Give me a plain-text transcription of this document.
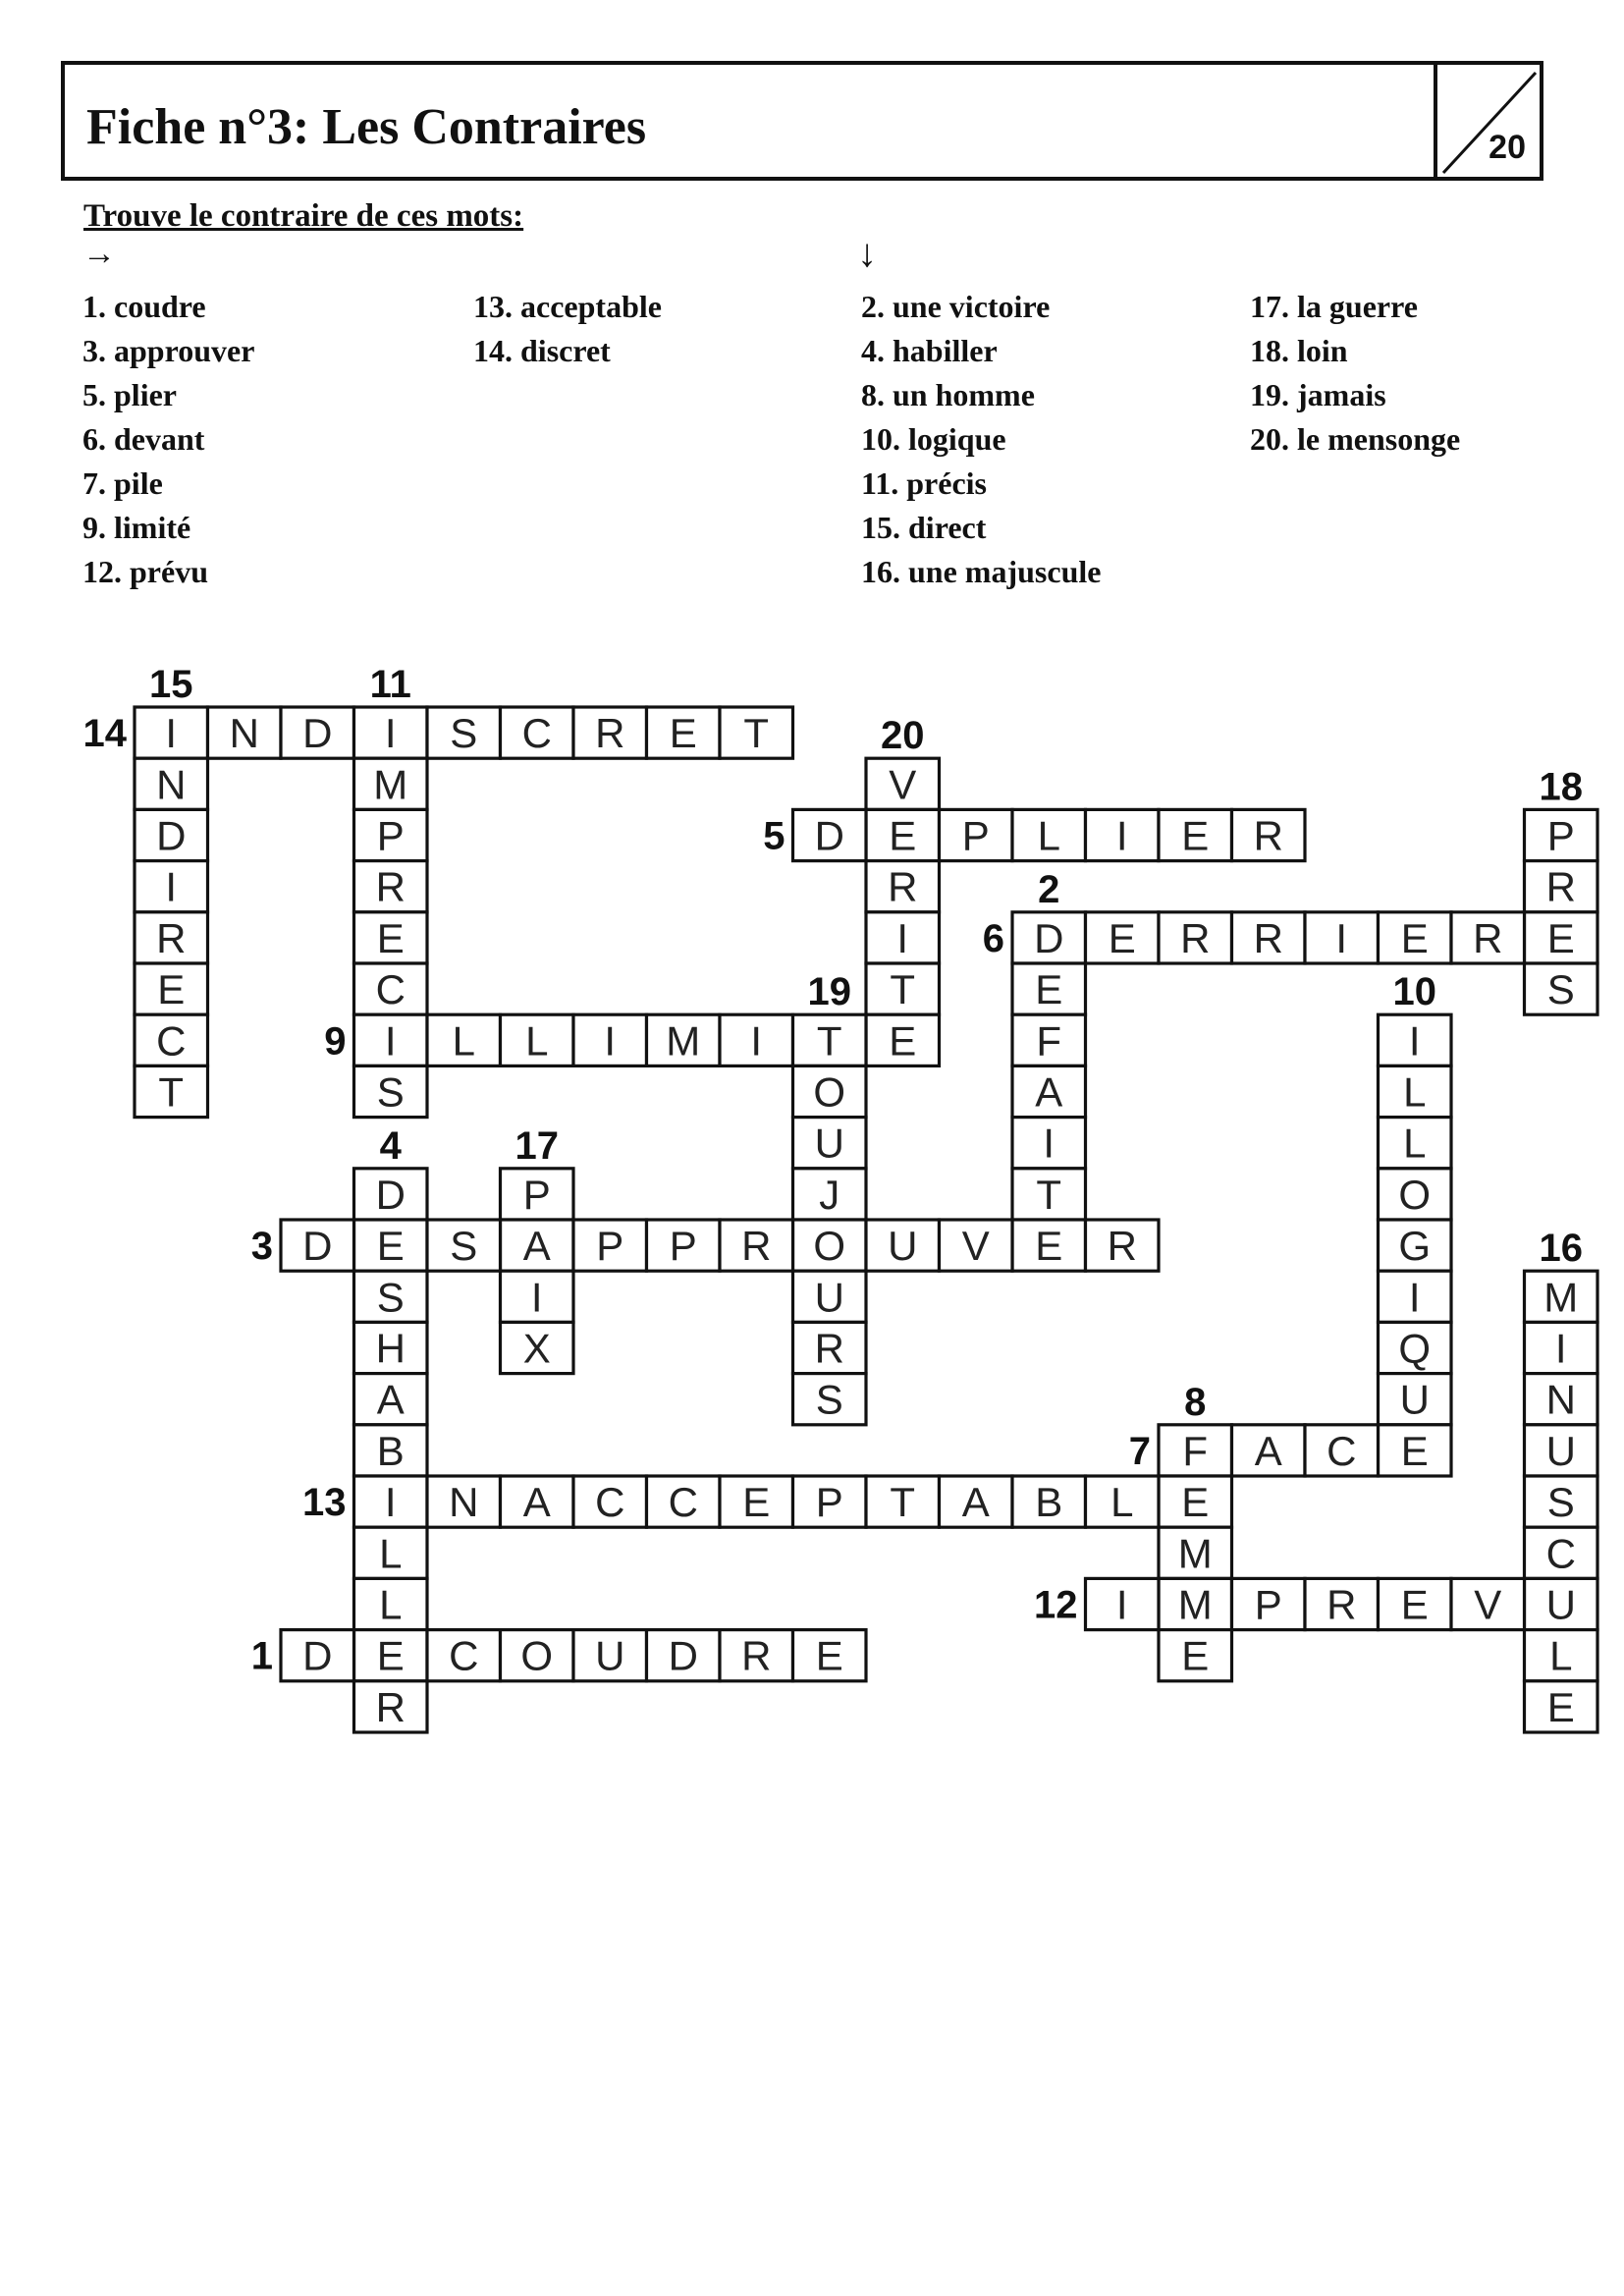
Fiche n°3: Les Contraires	20
Trouve le contraire de ces mots:
→	↓
1. coudre
3. approuver
5. plier
6. devant
7. pile
9. limité
12. prévu
13. acceptable
14. discret
2. une victoire
4. habiller
8. un homme
10. logique
11. précis
15. direct
16. une majuscule
17. la guerre
18. loin
19. jamais
20. le mensonge
I N D I S C R E T
N
D
I
R
E
C
T
M
P
R
E
C
I
S
V
E
R
I
T
E
D	P L I E R	P
R
E
S
D E R R I E R
E
F
A
I
T
E
L L I M I T
O
U
J
O
U
R
S
I
L
L
O
G
I
Q
U
E
D
E
S
H
A
B
I
L
L
E
R
P
A
I
X
D	S	P P R	U V	R
M
I
N
U
S
C
U
L
E
F A C
E
M
M
E
N A C C E P T A B L
I	P R E V
D	C O U D R E
14
15	11
20
5
18
6
2
9
19	10
4	17
3	16
7
8
13
12
1
